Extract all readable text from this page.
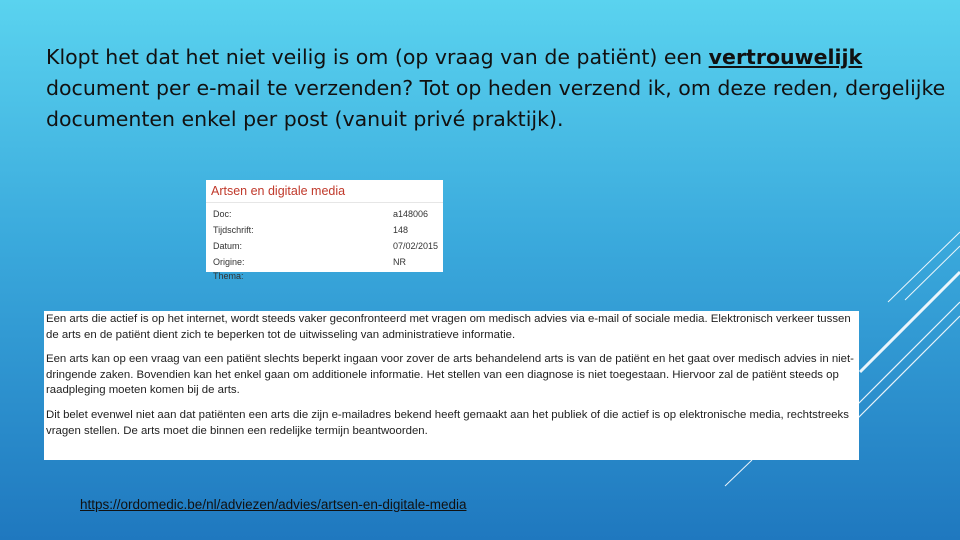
Klopt het dat het niet veilig is om (op vraag van de patiënt) een vertrouwelijk document per e-mail te verzenden? Tot op heden verzend ik, om deze reden, dergelijke documenten enkel per post (vanuit privé praktijk).

Artsen en digitale media
Doc:	a148006
Tijdschrift:	148
Datum:	07/02/2015
Origine:	NR
Thema:

Een arts die actief is op het internet, wordt steeds vaker geconfronteerd met vragen om medisch advies via e-mail of sociale media. Elektronisch verkeer tussen de arts en de patiënt dient zich te beperken tot de uitwisseling van administratieve informatie.

Een arts kan op een vraag van een patiënt slechts beperkt ingaan voor zover de arts behandelend arts is van de patiënt en het gaat over medisch advies in niet-dringende zaken. Bovendien kan het enkel gaan om additionele informatie. Het stellen van een diagnose is niet toegestaan. Hiervoor zal de patiënt steeds op raadpleging moeten komen bij de arts.

Dit belet evenwel niet aan dat patiënten een arts die zijn e-mailadres bekend heeft gemaakt aan het publiek of die actief is op elektronische media, rechtstreeks vragen stellen. De arts moet die binnen een redelijke termijn beantwoorden.

https://ordomedic.be/nl/adviezen/advies/artsen-en-digitale-media
